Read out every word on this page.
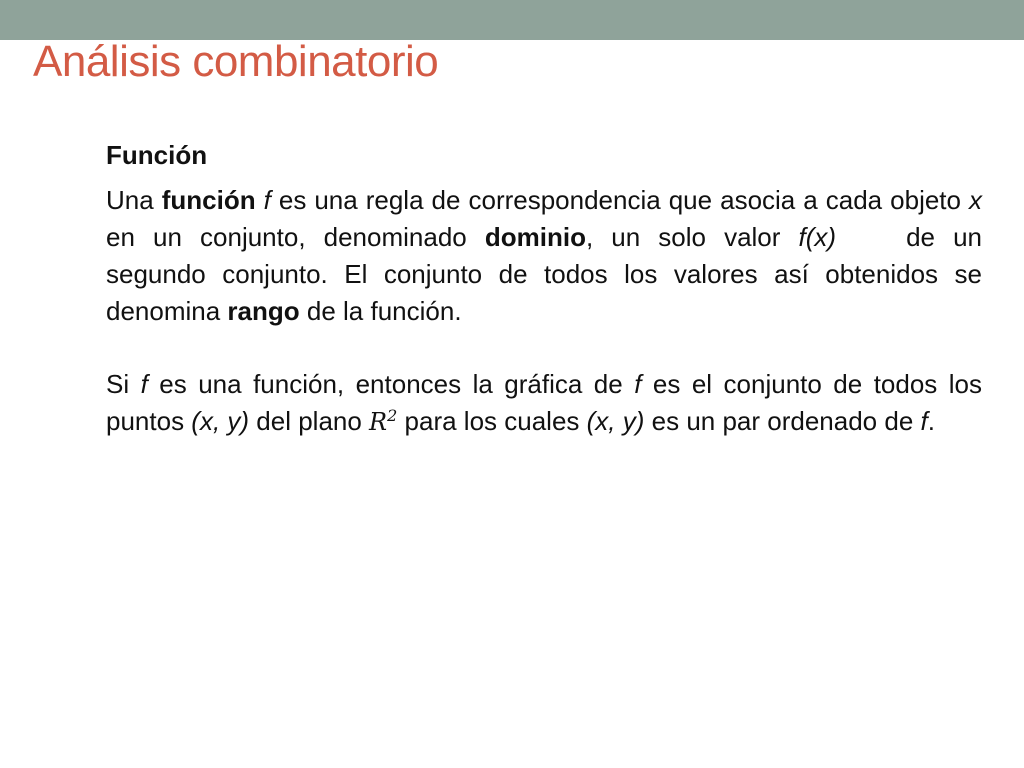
Análisis combinatorio
Función

Una función f es una regla de correspondencia que asocia a cada objeto x en un conjunto, denominado dominio, un solo valor f(x)	de un segundo conjunto. El conjunto de todos los valores así obtenidos se denomina rango de la función.

Si f es una función, entonces la gráfica de f es el conjunto de todos los puntos (x, y) del plano $R^2$ para los cuales (x, y) es un par ordenado de f.
